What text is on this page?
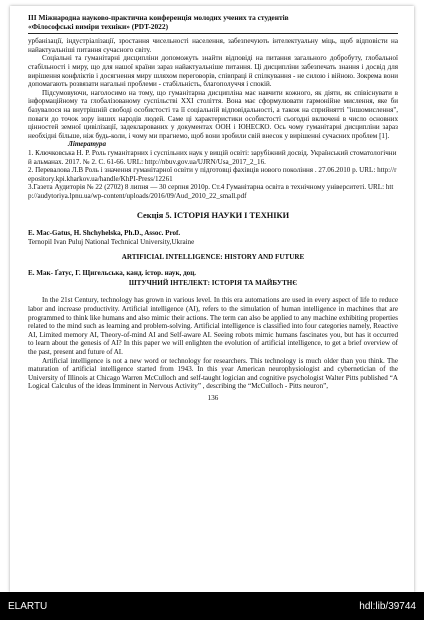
ІІІ Міжнародна науково-практична конференція молодих учених та студентів
«Філософські виміри техніки» (PDT-2022)

урбанізації, індустріалізації, зростання чисельності населення, забезпечують інтелектуальну міць, щоб відповісти на найактуальніші питання сучасного світу.

Соціальні та гуманітарні дисципліни допоможуть знайти відповіді на питання загального добробуту, глобальної стабільності і миру, що для нашої країни зараз найактуальніше питання. Ці дисципліни забезпечать знання і досвід для вирішення конфліктів і досягнення миру шляхом переговорів, співпраці й спілкування - не силою і війною. Зокрема вони допомагають розвязати нагальні проблеми - стабільність, благополуччя і спокій.

Підсумовуючи, наголосимо на тому, що гуманітарна дисципліна має навчити кожного, як діяти, як співіснувати в інформаційному та глобалізованому суспільстві XXI століття. Вона має сформулювати гармонійне мислення, яке би базувалося на внутрішній свободі особистості та її соціальній відповідальності, а також на сприйнятті "іншомислення", поваги до точок зору інших народів людей. Саме ці характеристики особистості сьогодні включені в число основних цінностей земної цивілізації, задекларованих у документах ООН і ЮНЕСКО. Ось чому гуманітарні дисципліни зараз необхідні більше, ніж будь-коли, і чому ми прагнемо, щоб вони зробили свій внесок у вирішенні сучасних проблем [1].

Література

1. Ключковська Н. Р. Роль гуманітарних і суспільних наук у вищій освіті: зарубіжний досвід. Український стоматологічний альманах. 2017. № 2. С. 61-66. URL: http://nbuv.gov.ua/UJRN/Usa_2017_2_16.

2. Перевалова Л.В Роль і значення гуманітарної освіти у підготовці фахівців нового покоління . 27.06.2010 р. URL: http://repository.kpi.kharkov.ua/handle/KhPI-Press/12261

3.Газета Аудиторія № 22 (2702) 8 липня — 30 серпня 2010р. Ст.4 Гуманітарна освіта в технічному університеті. URL: http://audytoriya.lpnu.ua/wp-content/uploads/2016/09/Aud_2010_22_small.pdf

Секція 5. ІСТОРІЯ НАУКИ І ТЕХНІКИ

E. Mac-Gatus, H. Shchyhelska, Ph.D., Assoc. Prof.

Ternopil Ivan Puluj National Technical University,Ukraine

ARTIFICIAL INTELLIGENCE: HISTORY AND FUTURE

Е. Мак- Ґатус, Г. Щигельська, канд. істор. наук, доц.

ШТУЧНИЙ ІНТЕЛЕКТ: ІСТОРІЯ ТА МАЙБУТНЄ

In the 21st Century, technology has grown in various level. In this era automations are used in every aspect of life to reduce labor and increase productivity. Artificial intelligence (AI), refers to the simulation of human intelligence in machines that are programmed to think like humans and also mimic their actions. The term can also be applied to any machine exhibiting properties related to the mind such as learning and problem-solving. Artificial intelligence is classified into four categories namely, Reactive AI, Limited memory AI, Theory-of-mind AI and Self-aware AI. Seeing robots mimic humans fascinates you, but has it occurred to learn about the genesis of AI? In this paper we will enlighten the evolution of artificial intelligence, to get a brief overview of the past, present and future of AI.

Artificial intelligence is not a new word or technology for researchers. This technology is much older than you think. The maturation of artificial intelligence started from 1943. In this year American neurophysiologist and cybernetician of the University of Illinois at Chicago Warren McCulloch and self-taught logician and cognitive psychologist Walter Pitts published “A Logical Calculus of the ideas Imminent in Nervous Activity” , describing the “McCulloch - Pitts neuron”,

136

ELARTU	hdl:lib/39744
